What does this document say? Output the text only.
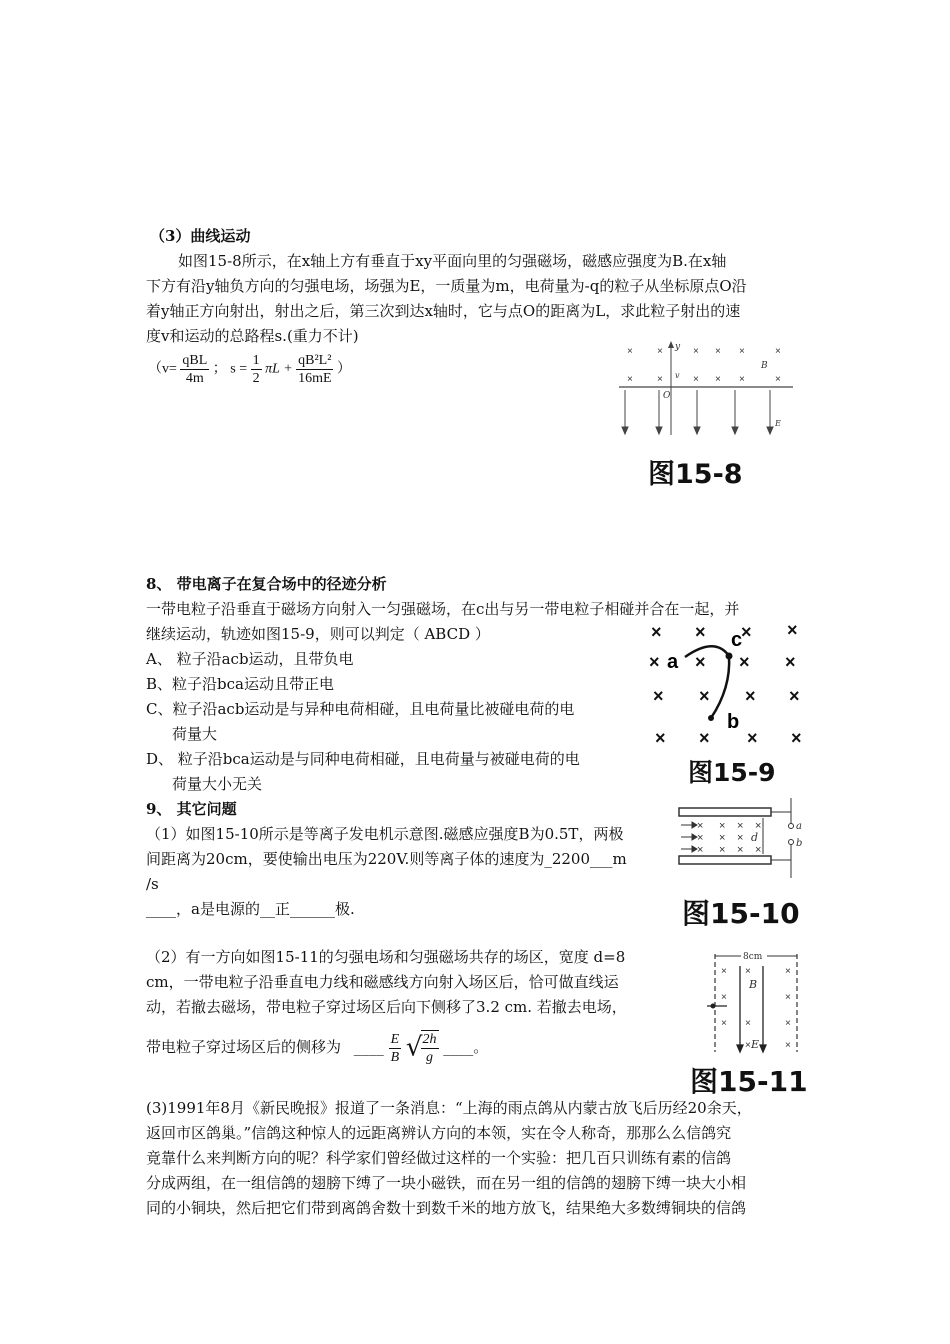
（3）曲线运动
如图15-8所示，在x轴上方有垂直于xy平面向里的匀强磁场，磁感应强度为B.在x轴
下方有沿y轴负方向的匀强电场，场强为E，一质量为m，电荷量为-q的粒子从坐标原点O沿
着y轴正方向射出，射出之后，第三次到达x轴时，它与点O的距离为L，求此粒子射出的速
度v和运动的总路程s.(重力不计)
（$v= \frac{\text{qBL}}{4m}$ ； $s = \frac{1}{2}$ $\pi L + \frac{\text{qB²L²}}{16mE}$ ）
× ×	× × ×	×
× ×	× × ×	×
y
v
O
B
E
图15-8
8、 带电离子在复合场中的径迹分析
一带电粒子沿垂直于磁场方向射入一匀强磁场，在c出与另一带电粒子相碰并合在一起，并
继续运动，轨迹如图15-9，则可以判定（ ABCD ）
A、 粒子沿acb运动，且带负电
B、粒子沿bca运动且带正电
C、粒子沿acb运动是与异种电荷相碰，且电荷量比被碰电荷的电
荷量大
D、 粒子沿bca运动是与同种电荷相碰，且电荷量与被碰电荷的电
荷量大小无关
× × × ×
× × × ×
× × × ×
× × × ×
a
c
b
图15-9
9、 其它问题
（1）如图15-10所示是等离子发电机示意图.磁感应强度B为0.5T，两极
间距离为20cm，要使输出电压为220V.则等离子体的速度为_2200___m
/s
____，a是电源的__正______极.
a
b
× × × ×
× × ×
× × × ×
d
图15-10
（2）有一方向如图15-11的匀强电场和匀强磁场共存的场区，宽度 d=8
cm，一带电粒子沿垂直电力线和磁感线方向射入场区后，恰可做直线运
动，若撤去磁场，带电粒子穿过场区后向下侧移了3.2 cm. 若撤去电场，
带电粒子穿过场区后的侧移为 ____ $\frac{E}{B}$ √
$\frac{2h}{g}$ ____。
8cm
× ×	×
×	×
× ×	×
×	×
B
E
图15-11
(3)1991年8月《新民晚报》报道了一条消息：“上海的雨点鸽从内蒙古放飞后历经20余天，
返回市区鸽巢。”信鸽这种惊人的远距离辨认方向的本领，实在令人称奇，那那么么信鸽究
竟靠什么来判断方向的呢？科学家们曾经做过这样的一个实验：把几百只训练有素的信鸽
分成两组，在一组信鸽的翅膀下缚了一块小磁铁，而在另一组的信鸽的翅膀下缚一块大小相
同的小铜块，然后把它们带到离鸽舍数十到数千米的地方放飞，结果绝大多数缚铜块的信鸽
